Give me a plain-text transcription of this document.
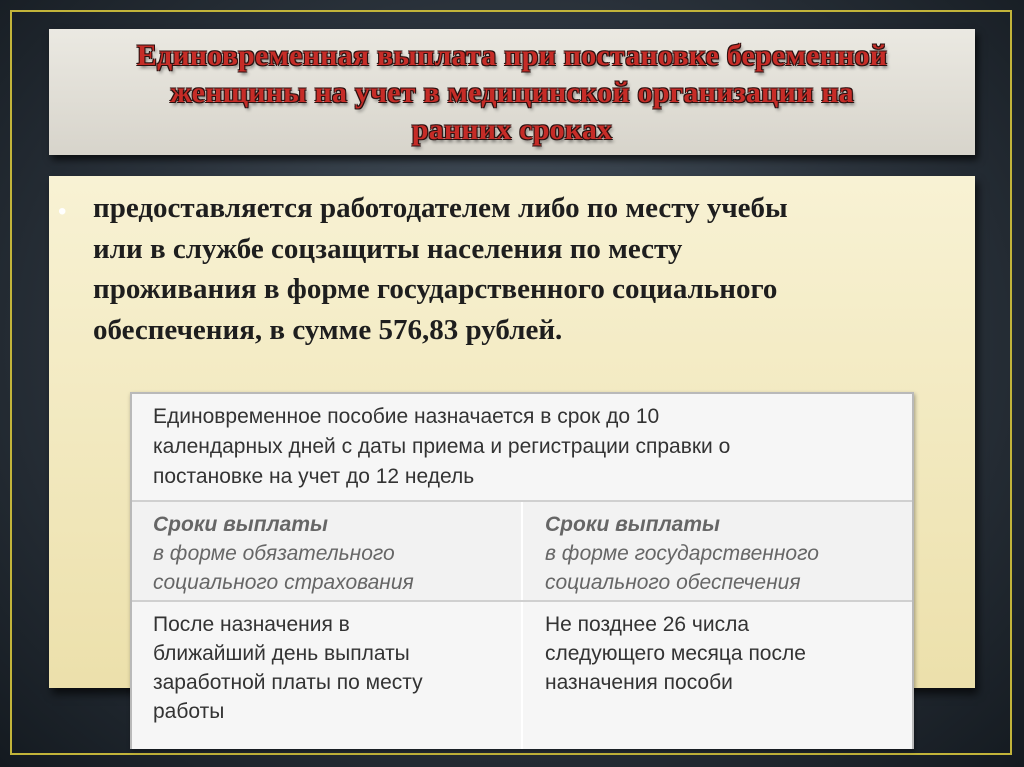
Единовременная выплата при постановке беременной
женщины на учет в медицинской организации на
ранних сроках
• предоставляется работодателем либо по месту учебы
или в службе соцзащиты населения по месту
проживания в форме государственного социального
обеспечения, в сумме 576,83 рублей.
Единовременное пособие назначается в срок до 10
календарных дней с даты приема и регистрации справки о
постановке на учет до 12 недель

Сроки выплаты

в форме обязательного

социального страхования

Сроки выплаты

в форме государственного

социального обеспечения

После назначения в

ближайший день выплаты

заработной платы по месту

работы

Не позднее 26 числа

следующего месяца после

назначения пособи
